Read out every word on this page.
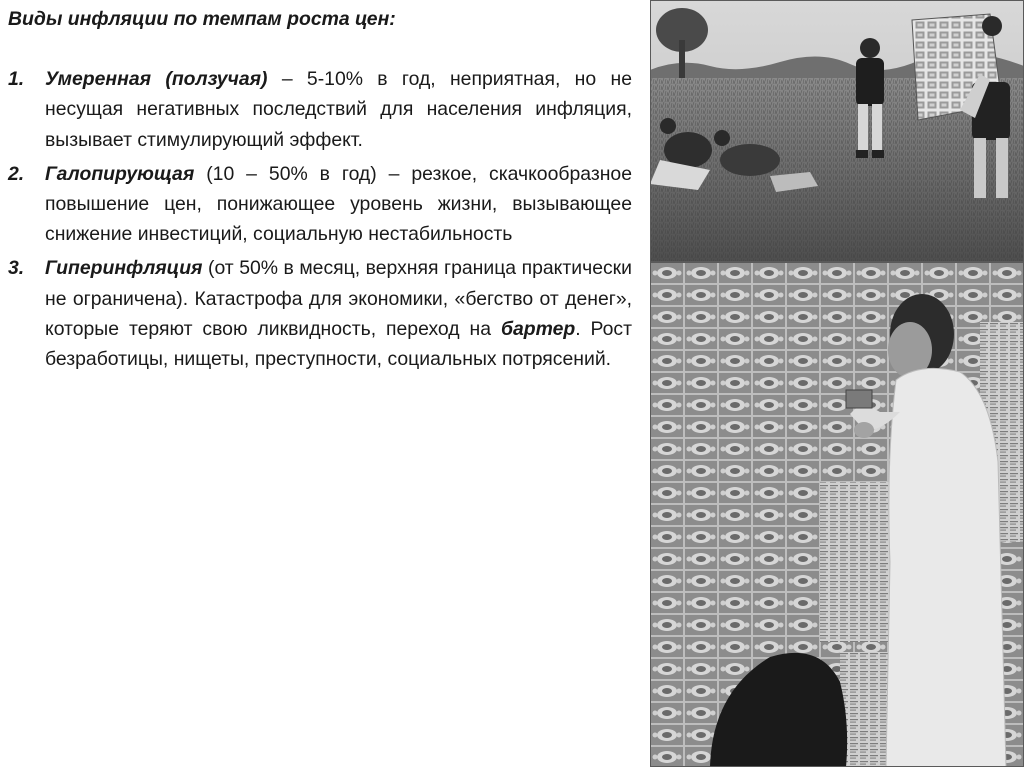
Виды инфляции по темпам роста цен:
1. Умеренная (ползучая) – 5-10% в год, неприятная, но не несущая негативных последствий для населения инфляция, вызывает стимулирующий эффект.
2. Галопирующая (10 – 50% в год) – резкое, скачкообразное повышение цен, понижающее уровень жизни, вызывающее снижение инвестиций, социальную нестабильность
3. Гиперинфляция (от 50% в месяц, верхняя граница практически не ограничена). Катастрофа для экономики, «бегство от денег», которые теряют свою ликвидность, переход на бартер. Рост безработицы, нищеты, преступности, социальных потрясений.
